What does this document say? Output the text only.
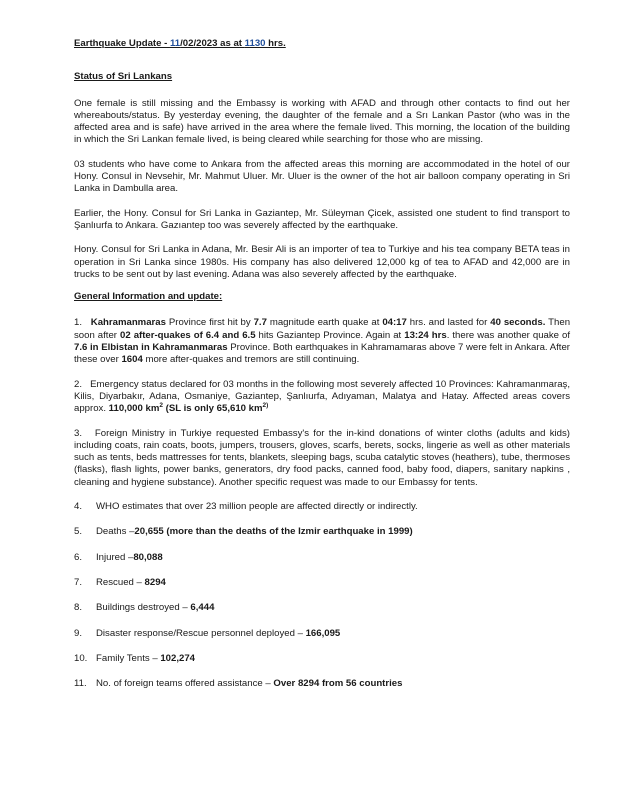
Earthquake Update - 11/02/2023 as at 1130 hrs.
Status of Sri Lankans

One female is still missing and the Embassy is working with AFAD and through other contacts to find out her whereabouts/status. By yesterday evening, the daughter of the female and a Srı Lankan Pastor (who was in the affected area and is safe) have arrived in the area where the female lived. This morning, the location of the building in which the Sri Lankan female lived, is being cleared while searching for those who are missing.

03 students who have come to Ankara from the affected areas this morning are accommodated in the hotel of our Hony. Consul in Nevsehir, Mr. Mahmut Uluer. Mr. Uluer is the owner of the hot air balloon company operating in Sri Lanka in Dambulla area.

Earlier, the Hony. Consul for Sri Lanka in Gaziantep, Mr. Süleyman Çicek, assisted one student to find transport to Şanlıurfa to Ankara. Gazıantep too was severely affected by the earthquake.

Hony. Consul for Sri Lanka in Adana, Mr. Besir Ali is an importer of tea to Turkiye and his tea company BETA teas in operation in Sri Lanka since 1980s. His company has also delivered 12,000 kg of tea to AFAD and 42,000 are in trucks to be sent out by last evening. Adana was also severely affected by the earthquake.

General Information and update:
1. Kahramanmaras Province first hit by 7.7 magnitude earth quake at 04:17 hrs. and lasted for 40 seconds. Then soon after 02 after-quakes of 6.4 and 6.5 hits Gaziantep Province. Again at 13:24 hrs. there was another quake of 7.6 in Elbistan in Kahramanmaras Province. Both earthquakes in Kahramamaras above 7 were felt in Ankara. After these over 1604 more after-quakes and tremors are still continuing.
2. Emergency status declared for 03 months in the following most severely affected 10 Provinces: Kahramanmaraş, Kilis, Diyarbakır, Adana, Osmaniye, Gaziantep, Şanlıurfa, Adıyaman, Malatya and Hatay. Affected areas covers approx. 110,000 $km^2$ (SL is only 65,610 $km^{2)}$
3. Foreign Ministry in Turkiye requested Embassy's for the in-kind donations of winter cloths (adults and kids) including coats, rain coats, boots, jumpers, trousers, gloves, scarfs, berets, socks, lingerie as well as other materials such as tents, beds mattresses for tents, blankets, sleeping bags, scuba catalytic stoves (heathers), tube, thermoses (flasks), flash lights, power banks, generators, dry food packs, canned food, baby food, diapers, sanitary napkins , cleaning and hygiene substance). Another specific request was made to our Embassy for tents.
4. WHO estimates that over 23 million people are affected directly or indirectly.
5. Deaths –20,655 (more than the deaths of the Izmir earthquake in 1999)
6. Injured –80,088
7. Rescued – 8294
8. Buildings destroyed – 6,444
9. Disaster response/Rescue personnel deployed – 166,095
10. Family Tents – 102,274
11. No. of foreign teams offered assistance – Over 8294 from 56 countries
